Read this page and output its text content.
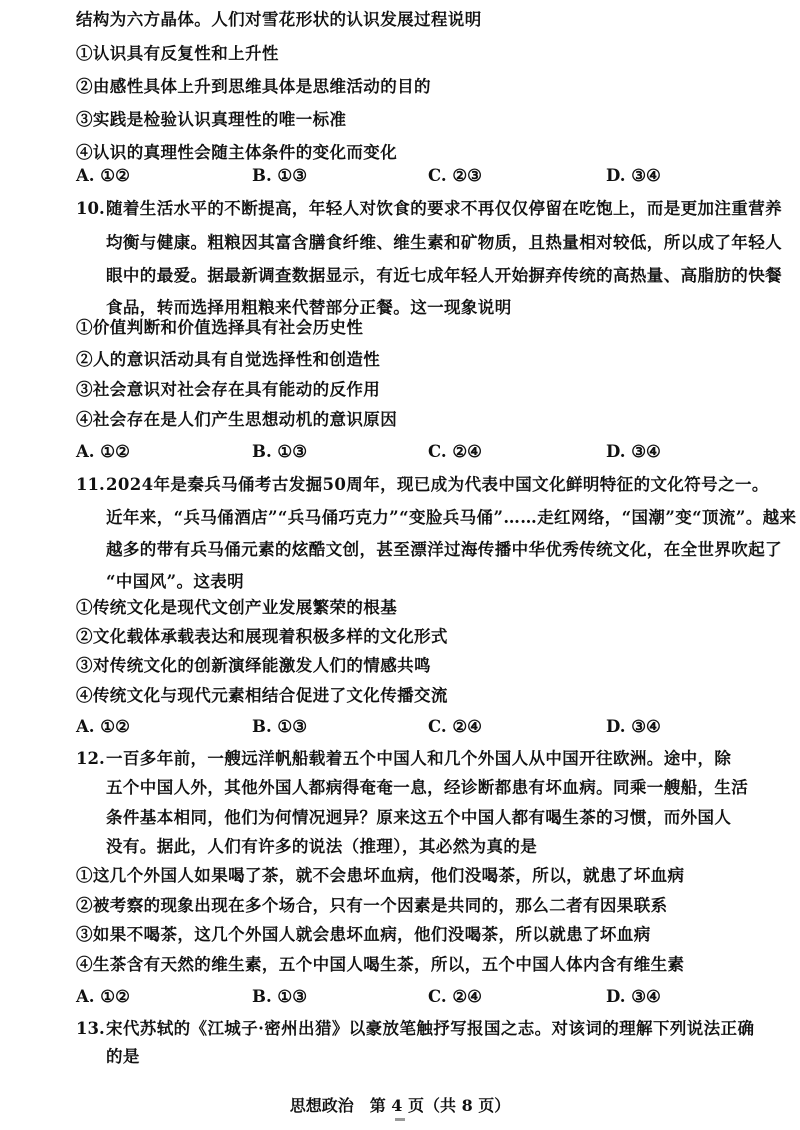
结构为六方晶体。人们对雪花形状的认识发展过程说明
①认识具有反复性和上升性
②由感性具体上升到思维具体是思维活动的目的
③实践是检验认识真理性的唯一标准
④认识的真理性会随主体条件的变化而变化
A. ①②	B. ①③	C. ②③	D. ③④
10. 随着生活水平的不断提高，年轻人对饮食的要求不再仅仅停留在吃饱上，而是更加注重营养
均衡与健康。粗粮因其富含膳食纤维、维生素和矿物质，且热量相对较低，所以成了年轻人
眼中的最爱。据最新调查数据显示，有近七成年轻人开始摒弃传统的高热量、高脂肪的快餐
食品，转而选择用粗粮来代替部分正餐。这一现象说明
①价值判断和价值选择具有社会历史性
②人的意识活动具有自觉选择性和创造性
③社会意识对社会存在具有能动的反作用
④社会存在是人们产生思想动机的意识原因
A. ①②	B. ①③	C. ②④	D. ③④
11. 2024年是秦兵马俑考古发掘50周年，现已成为代表中国文化鲜明特征的文化符号之一。
近年来，“兵马俑酒店”“兵马俑巧克力”“变脸兵马俑”……走红网络，“国潮”变“顶流”。越来
越多的带有兵马俑元素的炫酷文创，甚至漂洋过海传播中华优秀传统文化，在全世界吹起了
“中国风”。这表明
①传统文化是现代文创产业发展繁荣的根基
②文化载体承载表达和展现着积极多样的文化形式
③对传统文化的创新演绎能激发人们的情感共鸣
④传统文化与现代元素相结合促进了文化传播交流
A. ①②	B. ①③	C. ②④	D. ③④
12. 一百多年前，一艘远洋帆船载着五个中国人和几个外国人从中国开往欧洲。途中，除
五个中国人外，其他外国人都病得奄奄一息，经诊断都患有坏血病。同乘一艘船，生活
条件基本相同，他们为何情况迥异？原来这五个中国人都有喝生茶的习惯，而外国人
没有。据此，人们有许多的说法（推理），其必然为真的是
①这几个外国人如果喝了茶，就不会患坏血病，他们没喝茶，所以，就患了坏血病
②被考察的现象出现在多个场合，只有一个因素是共同的，那么二者有因果联系
③如果不喝茶，这几个外国人就会患坏血病，他们没喝茶，所以就患了坏血病
④生茶含有天然的维生素，五个中国人喝生茶，所以，五个中国人体内含有维生素
A. ①②	B. ①③	C. ②④	D. ③④
13. 宋代苏轼的《江城子·密州出猎》以豪放笔触抒写报国之志。对该词的理解下列说法正确
的是
思想政治　第 4 页（共 8 页）
